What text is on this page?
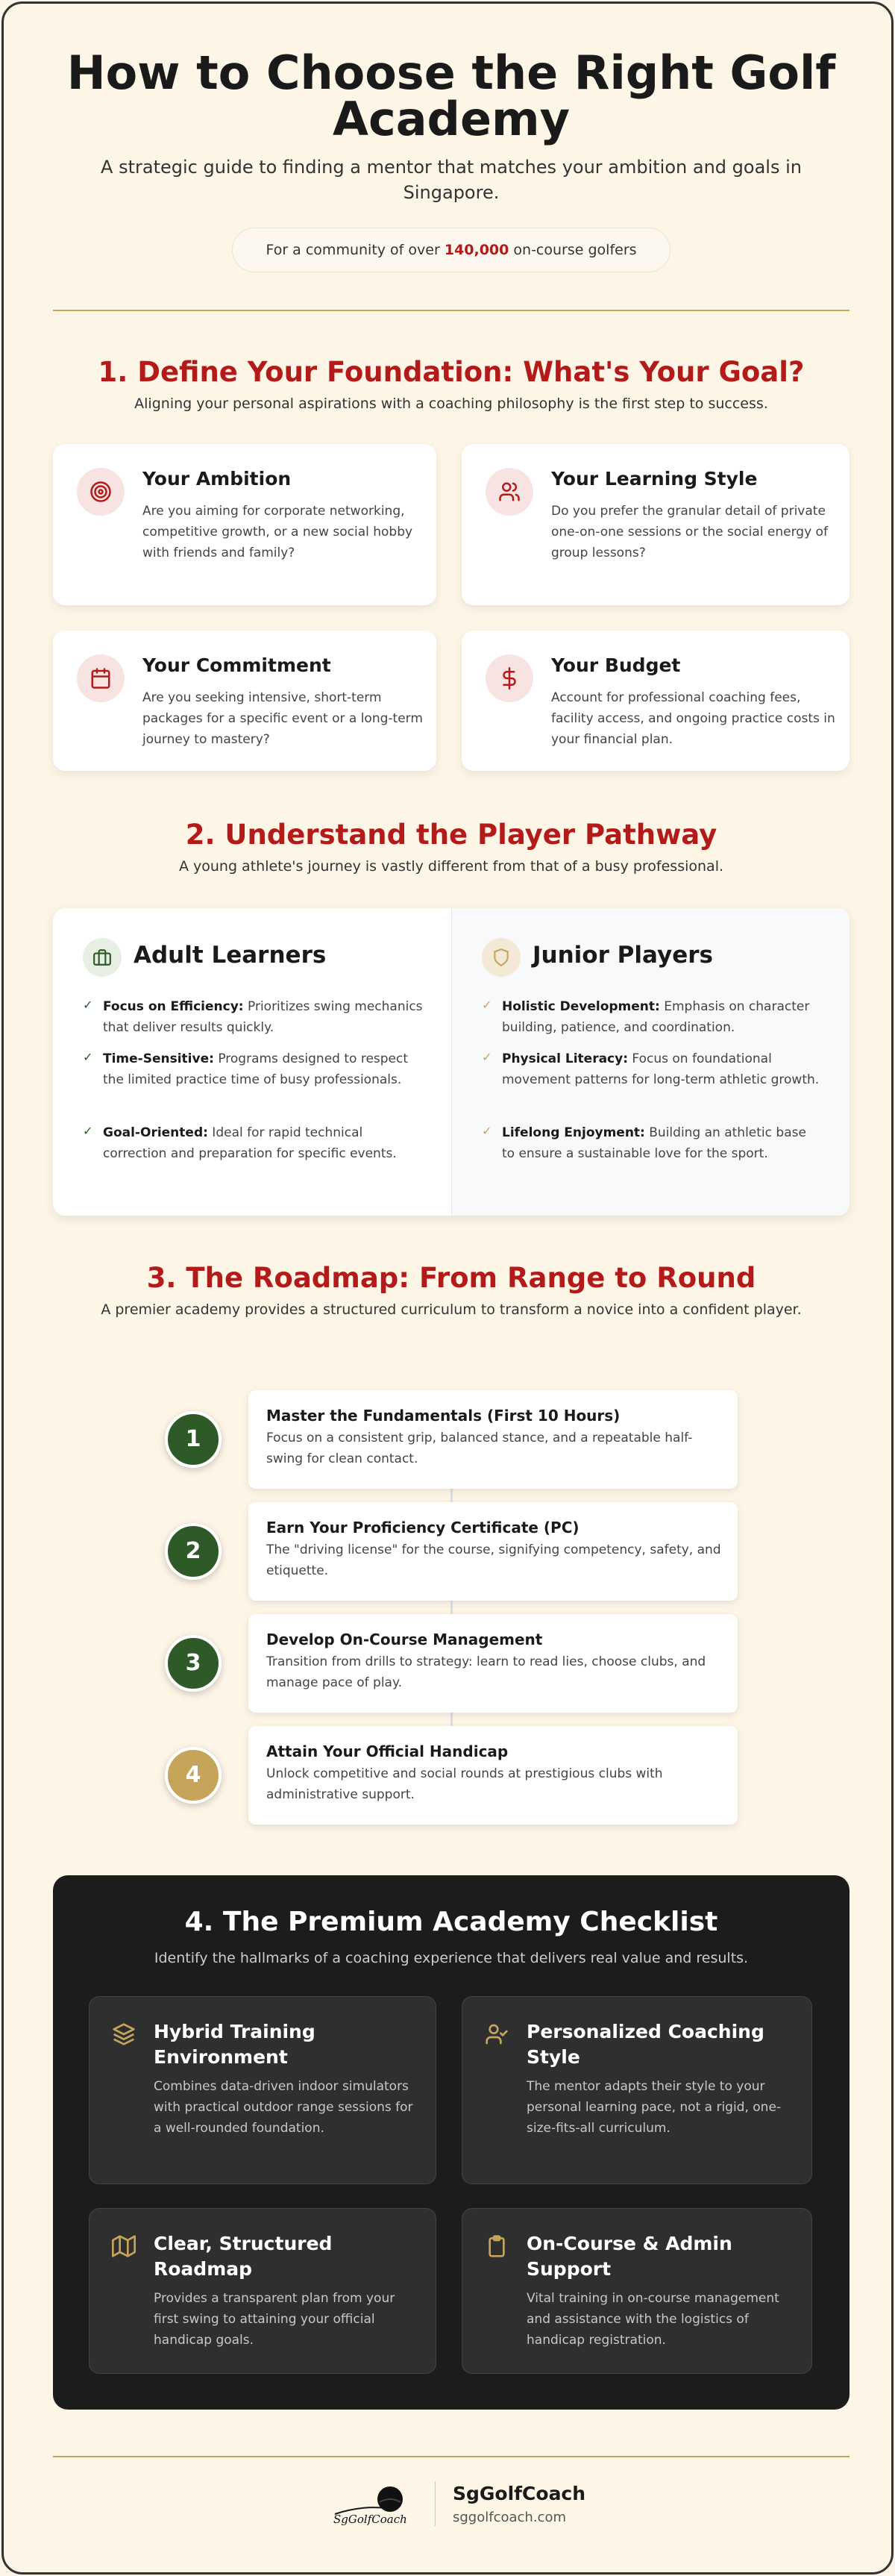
How to Choose the Right Golf Academy

A strategic guide to finding a mentor that matches your ambition and goals in Singapore.

For a community of over 140,000 on-course golfers
1. Define Your Foundation: What's Your Goal?

Aligning your personal aspirations with a coaching philosophy is the first step to success.

Your Ambition

Are you aiming for corporate networking, competitive growth, or a new social hobby with friends and family?

Your Learning Style

Do you prefer the granular detail of private one-on-one sessions or the social energy of group lessons?

Your Commitment

Are you seeking intensive, short-term packages for a specific event or a long-term journey to mastery?

Your Budget

Account for professional coaching fees, facility access, and ongoing practice costs in your financial plan.

2. Understand the Player Pathway

A young athlete's journey is vastly different from that of a busy professional.

Adult Learners
✓ Focus on Efficiency: Prioritizes swing mechanics that deliver results quickly.
✓ Time-Sensitive: Programs designed to respect the limited practice time of busy professionals.
✓ Goal-Oriented: Ideal for rapid technical correction and preparation for specific events.
Junior Players
✓ Holistic Development: Emphasis on character building, patience, and coordination.
✓ Physical Literacy: Focus on foundational movement patterns for long-term athletic growth.
✓ Lifelong Enjoyment: Building an athletic base to ensure a sustainable love for the sport.
3. The Roadmap: From Range to Round

A premier academy provides a structured curriculum to transform a novice into a confident player.

1
Master the Fundamentals (First 10 Hours)

Focus on a consistent grip, balanced stance, and a repeatable half-swing for clean contact.

2
Earn Your Proficiency Certificate (PC)

The "driving license" for the course, signifying competency, safety, and etiquette.

3
Develop On-Course Management

Transition from drills to strategy: learn to read lies, choose clubs, and manage pace of play.

4
Attain Your Official Handicap

Unlock competitive and social rounds at prestigious clubs with administrative support.

4. The Premium Academy Checklist

Identify the hallmarks of a coaching experience that delivers real value and results.

Hybrid Training Environment

Combines data-driven indoor simulators with practical outdoor range sessions for a well-rounded foundation.

Personalized Coaching Style

The mentor adapts their style to your personal learning pace, not a rigid, one-size-fits-all curriculum.

Clear, Structured Roadmap

Provides a transparent plan from your first swing to attaining your official handicap goals.

On-Course & Admin Support

Vital training in on-course management and assistance with the logistics of handicap registration.

SgGolfCoach
SgGolfCoach
sggolfcoach.com
